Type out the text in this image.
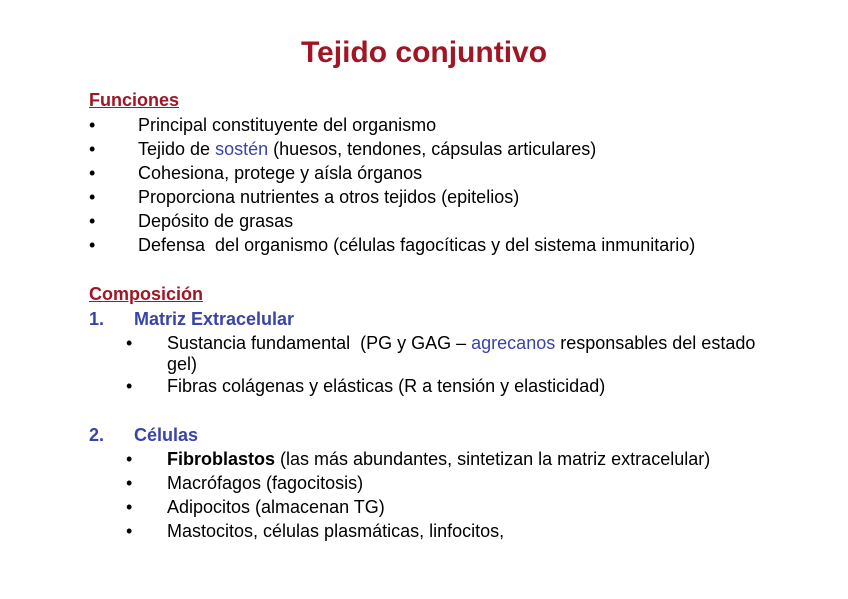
Tejido conjuntivo
Funciones
• Principal constituyente del organismo
• Tejido de sostén (huesos, tendones, cápsulas articulares)
• Cohesiona, protege y aísla órganos
• Proporciona nutrientes a otros tejidos (epitelios)
• Depósito de grasas
• Defensa  del organismo (células fagocíticas y del sistema inmunitario)
Composición
1. Matriz Extracelular
• Sustancia fundamental  (PG y GAG – agrecanos responsables del estado gel)
• Fibras colágenas y elásticas (R a tensión y elasticidad)
2. Células
• Fibroblastos (las más abundantes, sintetizan la matriz extracelular)
• Macrófagos (fagocitosis)
• Adipocitos (almacenan TG)
• Mastocitos, células plasmáticas, linfocitos,
